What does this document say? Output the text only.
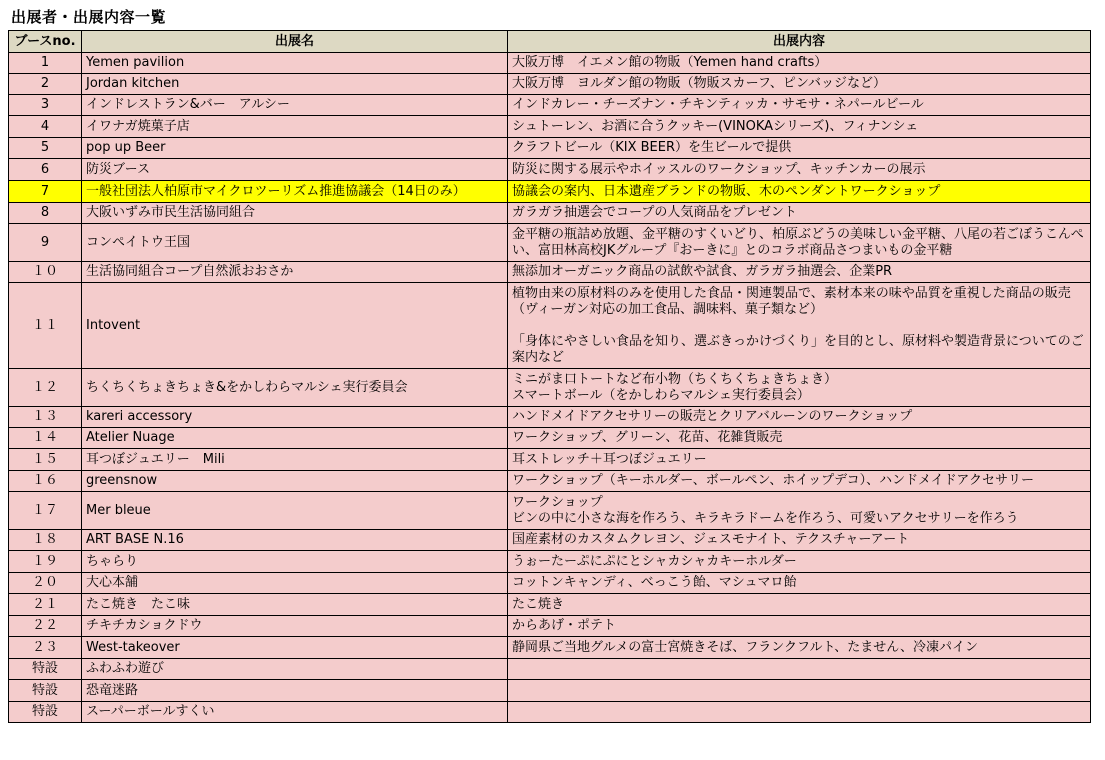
出展者・出展内容一覧
ブースno.	出展名	出展内容
1	Yemen pavilion	大阪万博　イエメン館の物販（Yemen hand crafts）
2	Jordan kitchen	大阪万博　ヨルダン館の物販（物販スカーフ、ピンバッジなど）
3	インドレストラン&バー　アルシー	インドカレー・チーズナン・チキンティッカ・サモサ・ネパールビール
4	イワナガ焼菓子店	シュトーレン、お酒に合うクッキー(VINOKAシリーズ)、フィナンシェ
5	pop up Beer	クラフトビール（KIX BEER）を生ビールで提供
6	防災ブース	防災に関する展示やホイッスルのワークショップ、キッチンカーの展示
7	一般社団法人柏原市マイクロツーリズム推進協議会（14日のみ）	協議会の案内、日本遺産ブランドの物販、木のペンダントワークショップ
8	大阪いずみ市民生活協同組合	ガラガラ抽選会でコープの人気商品をプレゼント
9	コンペイトウ王国	金平糖の瓶詰め放題、金平糖のすくいどり、柏原ぶどうの美味しい金平糖、八尾の若ごぼうこんぺい、富田林高校JKグループ『おーきに』とのコラボ商品さつまいもの金平糖
１０	生活協同組合コープ自然派おおさか	無添加オーガニック商品の試飲や試食、ガラガラ抽選会、企業PR
１１	Intovent	植物由来の原材料のみを使用した食品・関連製品で、素材本来の味や品質を重視した商品の販売（ヴィーガン対応の加工食品、調味料、菓子類など）

「身体にやさしい食品を知り、選ぶきっかけづくり」を目的とし、原材料や製造背景についてのご案内など
１２	ちくちくちょきちょき&をかしわらマルシェ実行委員会	ミニがま口トートなど布小物（ちくちくちょきちょき）
スマートボール（をかしわらマルシェ実行委員会）
１３	kareri accessory	ハンドメイドアクセサリーの販売とクリアバルーンのワークショップ
１４	Atelier Nuage	ワークショップ、グリーン、花苗、花雑貨販売
１５	耳つぼジュエリー　Mili	耳ストレッチ＋耳つぼジュエリー
１６	greensnow	ワークショップ（キーホルダー、ボールペン、ホイップデコ）、ハンドメイドアクセサリー
１７	Mer bleue	ワークショップ
ビンの中に小さな海を作ろう、キラキラドームを作ろう、可愛いアクセサリーを作ろう
１８	ART BASE N.16	国産素材のカスタムクレヨン、ジェスモナイト、テクスチャーアート
１９	ちゃらり	うぉーたーぷにぷにとシャカシャカキーホルダー
２０	大心本舗	コットンキャンディ、べっこう飴、マシュマロ飴
２１	たこ焼き　たこ味	たこ焼き
２２	チキチカショクドウ	からあげ・ポテト
２３	West-takeover	静岡県ご当地グルメの富士宮焼きそば、フランクフルト、たません、冷凍パイン
特設	ふわふわ遊び	
特設	恐竜迷路	
特設	スーパーボールすくい	
